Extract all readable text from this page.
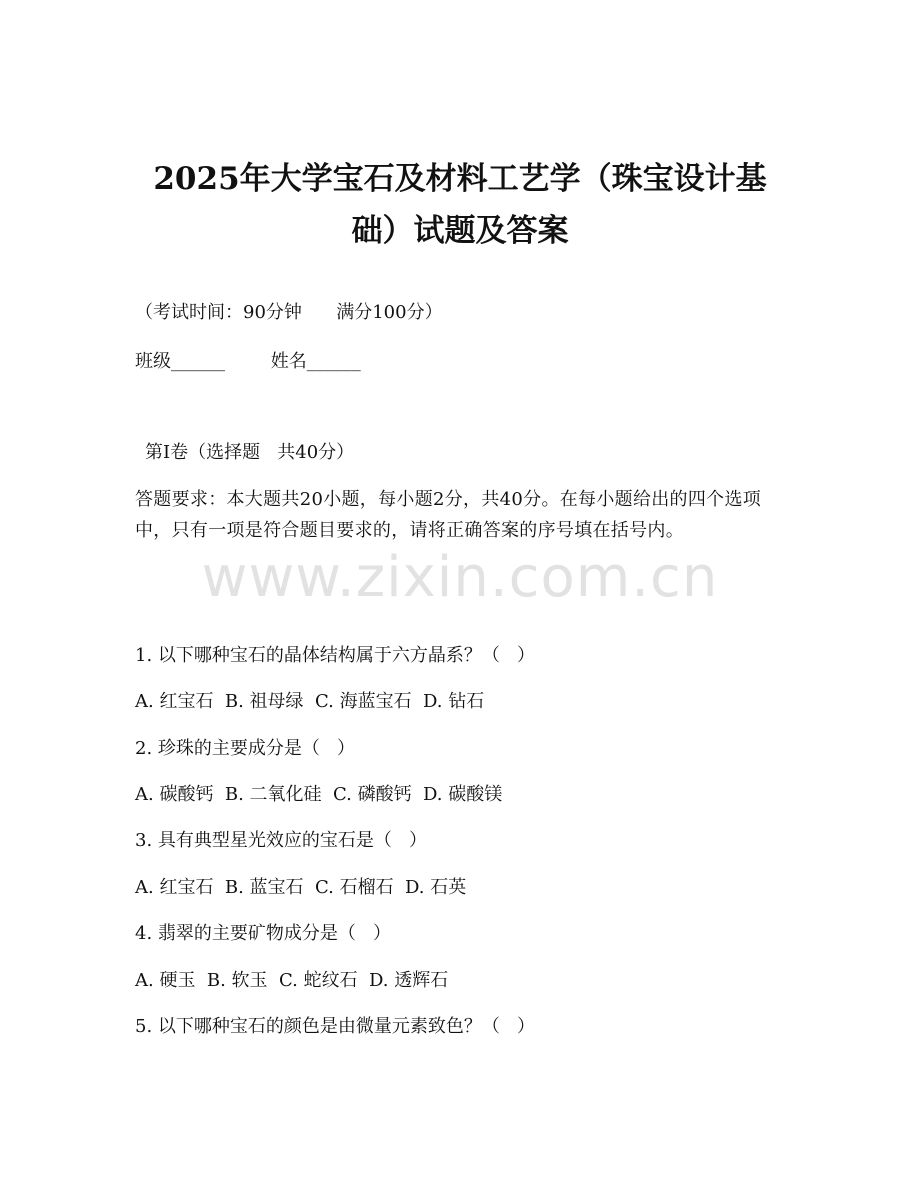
2025年大学宝石及材料工艺学（珠宝设计基
础）试题及答案

（考试时间：90分钟      满分100分）

班级______        姓名______

第I卷（选择题   共40分）

答题要求：本大题共20小题，每小题2分，共40分。在每小题给出的四个选项中，只有一项是符合题目要求的，请将正确答案的序号填在括号内。

www.zixin.com.cn

1. 以下哪种宝石的晶体结构属于六方晶系？（   ）

A. 红宝石  B. 祖母绿  C. 海蓝宝石  D. 钻石

2. 珍珠的主要成分是（   ）

A. 碳酸钙  B. 二氧化硅  C. 磷酸钙  D. 碳酸镁

3. 具有典型星光效应的宝石是（   ）

A. 红宝石  B. 蓝宝石  C. 石榴石  D. 石英

4. 翡翠的主要矿物成分是（   ）

A. 硬玉  B. 软玉  C. 蛇纹石  D. 透辉石

5. 以下哪种宝石的颜色是由微量元素致色？（   ）
